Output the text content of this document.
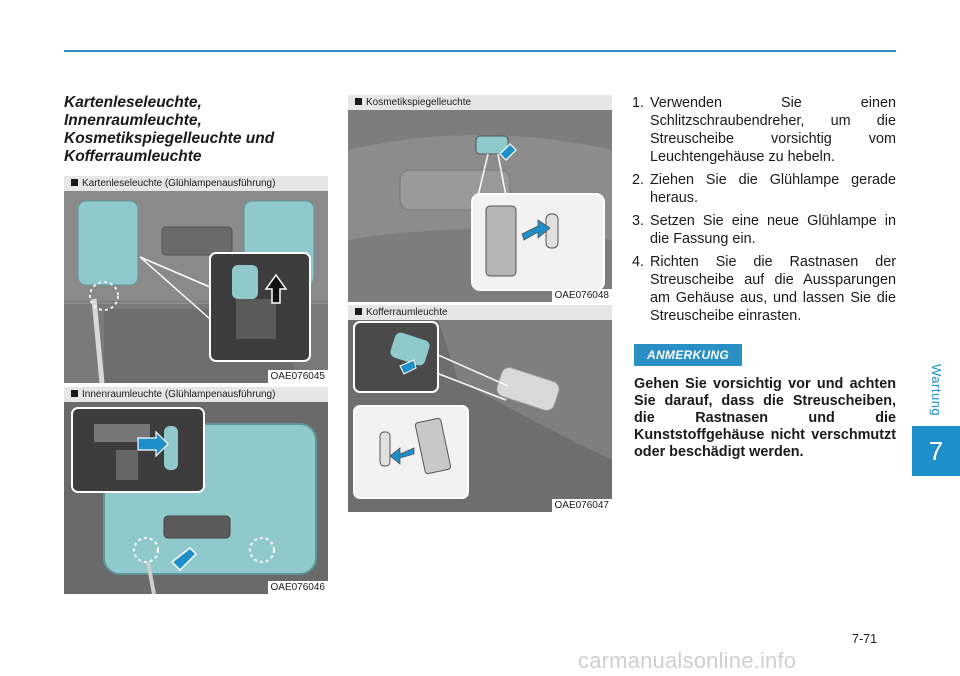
Wartung
7
Kartenleseleuchte,
Innenraumleuchte,
Kosmetikspiegelleuchte und
Kofferraumleuchte
Kartenleseleuchte (Glühlampenausführung)
OAE076045
Innenraumleuchte (Glühlampenausführung)
OAE076046
Kosmetikspiegelleuchte
OAE076048
Kofferraumleuchte
OAE076047
1. Verwenden Sie einen Schlitzschraubendreher, um die Streuscheibe vorsichtig vom Leuchtengehäuse zu hebeln.
2. Ziehen Sie die Glühlampe gerade heraus.
3. Setzen Sie eine neue Glühlampe in die Fassung ein.
4. Richten Sie die Rastnasen der Streuscheibe auf die Aussparungen am Gehäuse aus, und lassen Sie die Streuscheibe einrasten.
ANMERKUNG
Gehen Sie vorsichtig vor und achten Sie darauf, dass die Streuscheiben, die Rastnasen und die Kunststoffgehäuse nicht verschmutzt oder beschädigt werden.
7-71
carmanualsonline.info
